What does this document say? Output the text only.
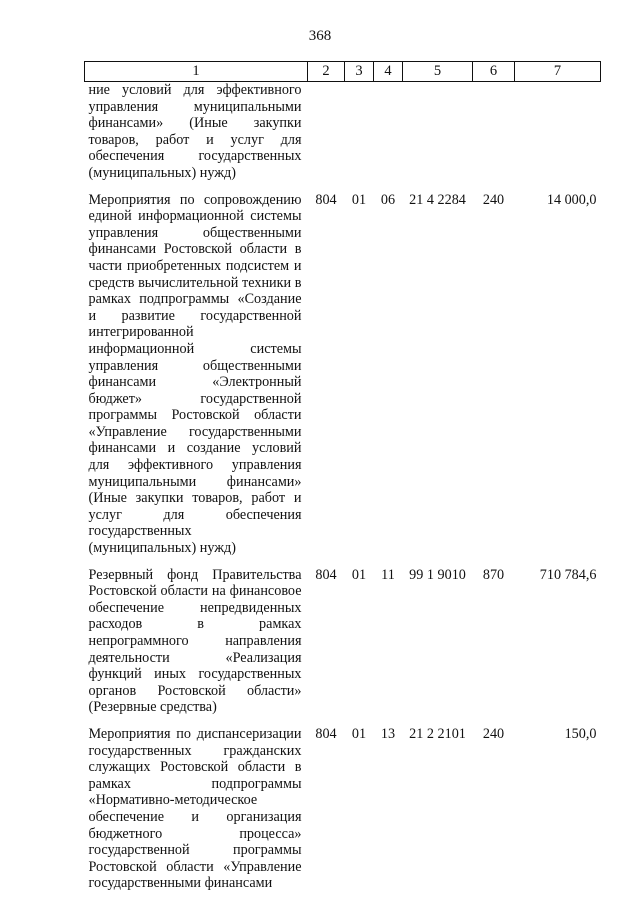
368
1	2	3	4	5	6	7
ние условий для эффективного управления муниципальными финансами» (Иные закупки товаров, работ и услуг для обеспечения государственных (муниципальных) нужд)						
Мероприятия по сопровождению единой информационной системы управления общественными финансами Ростовской области в части приобретенных подсистем и средств вычислительной техники в рамках подпрограммы «Создание и развитие государственной интегрированной информационной системы управления общественными финансами «Электронный бюджет» государственной программы Ростовской области «Управление государственными финансами и создание условий для эффективного управления муниципальными финансами» (Иные закупки товаров, работ и услуг для обеспечения государственных (муниципальных) нужд)	804	01	06	21 4 2284	240	14 000,0
Резервный фонд Правительства Ростовской области на финансовое обеспечение непредвиденных расходов в рамках непрограммного направления деятельности «Реализация функций иных государственных органов Ростовской области» (Резервные средства)	804	01	11	99 1 9010	870	710 784,6
Мероприятия по диспансеризации государственных гражданских служащих Ростовской области в рамках подпрограммы «Нормативно-методическое обеспечение и организация бюджетного процесса» государственной программы Ростовской области «Управление государственными финансами	804	01	13	21 2 2101	240	150,0
